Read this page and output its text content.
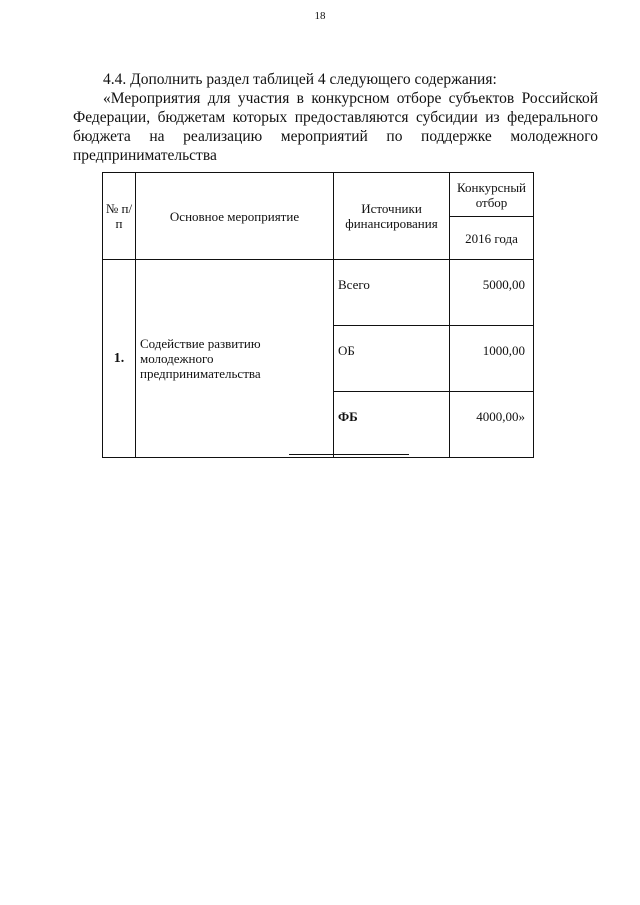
18
4.4. Дополнить раздел таблицей 4 следующего содержания:
«Мероприятия для участия в конкурсном отборе субъектов Российской Федерации, бюджетам которых предоставляются субсидии из федерального бюджета на реализацию мероприятий по поддержке молодежного предпринимательства
№ п/п	Основное мероприятие	Источники финансирования	Конкурсный отбор
			2016 года
1.	Содействие развитию молодежного предпринимательства	Всего	5000,00
		ОБ	1000,00
		ФБ	4000,00»
